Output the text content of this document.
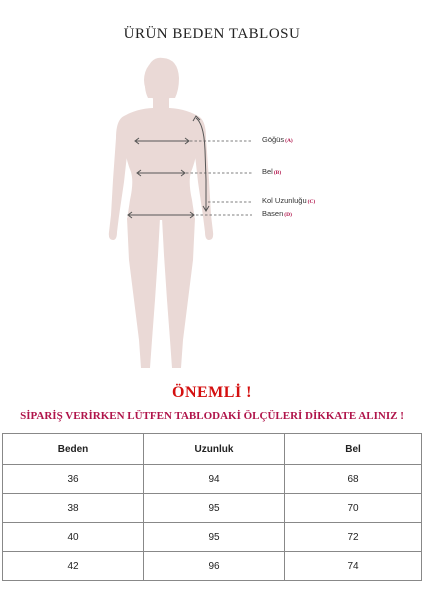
ÜRÜN BEDEN TABLOSU
Göğüs(A)
Bel(B)
Kol Uzunluğu(C)
Basen(D)
ÖNEMLİ !
SİPARİŞ VERİRKEN LÜTFEN TABLODAKİ ÖLÇÜLERİ DİKKATE ALINIZ !
Beden	Uzunluk	Bel
36	94	68
38	95	70
40	95	72
42	96	74
